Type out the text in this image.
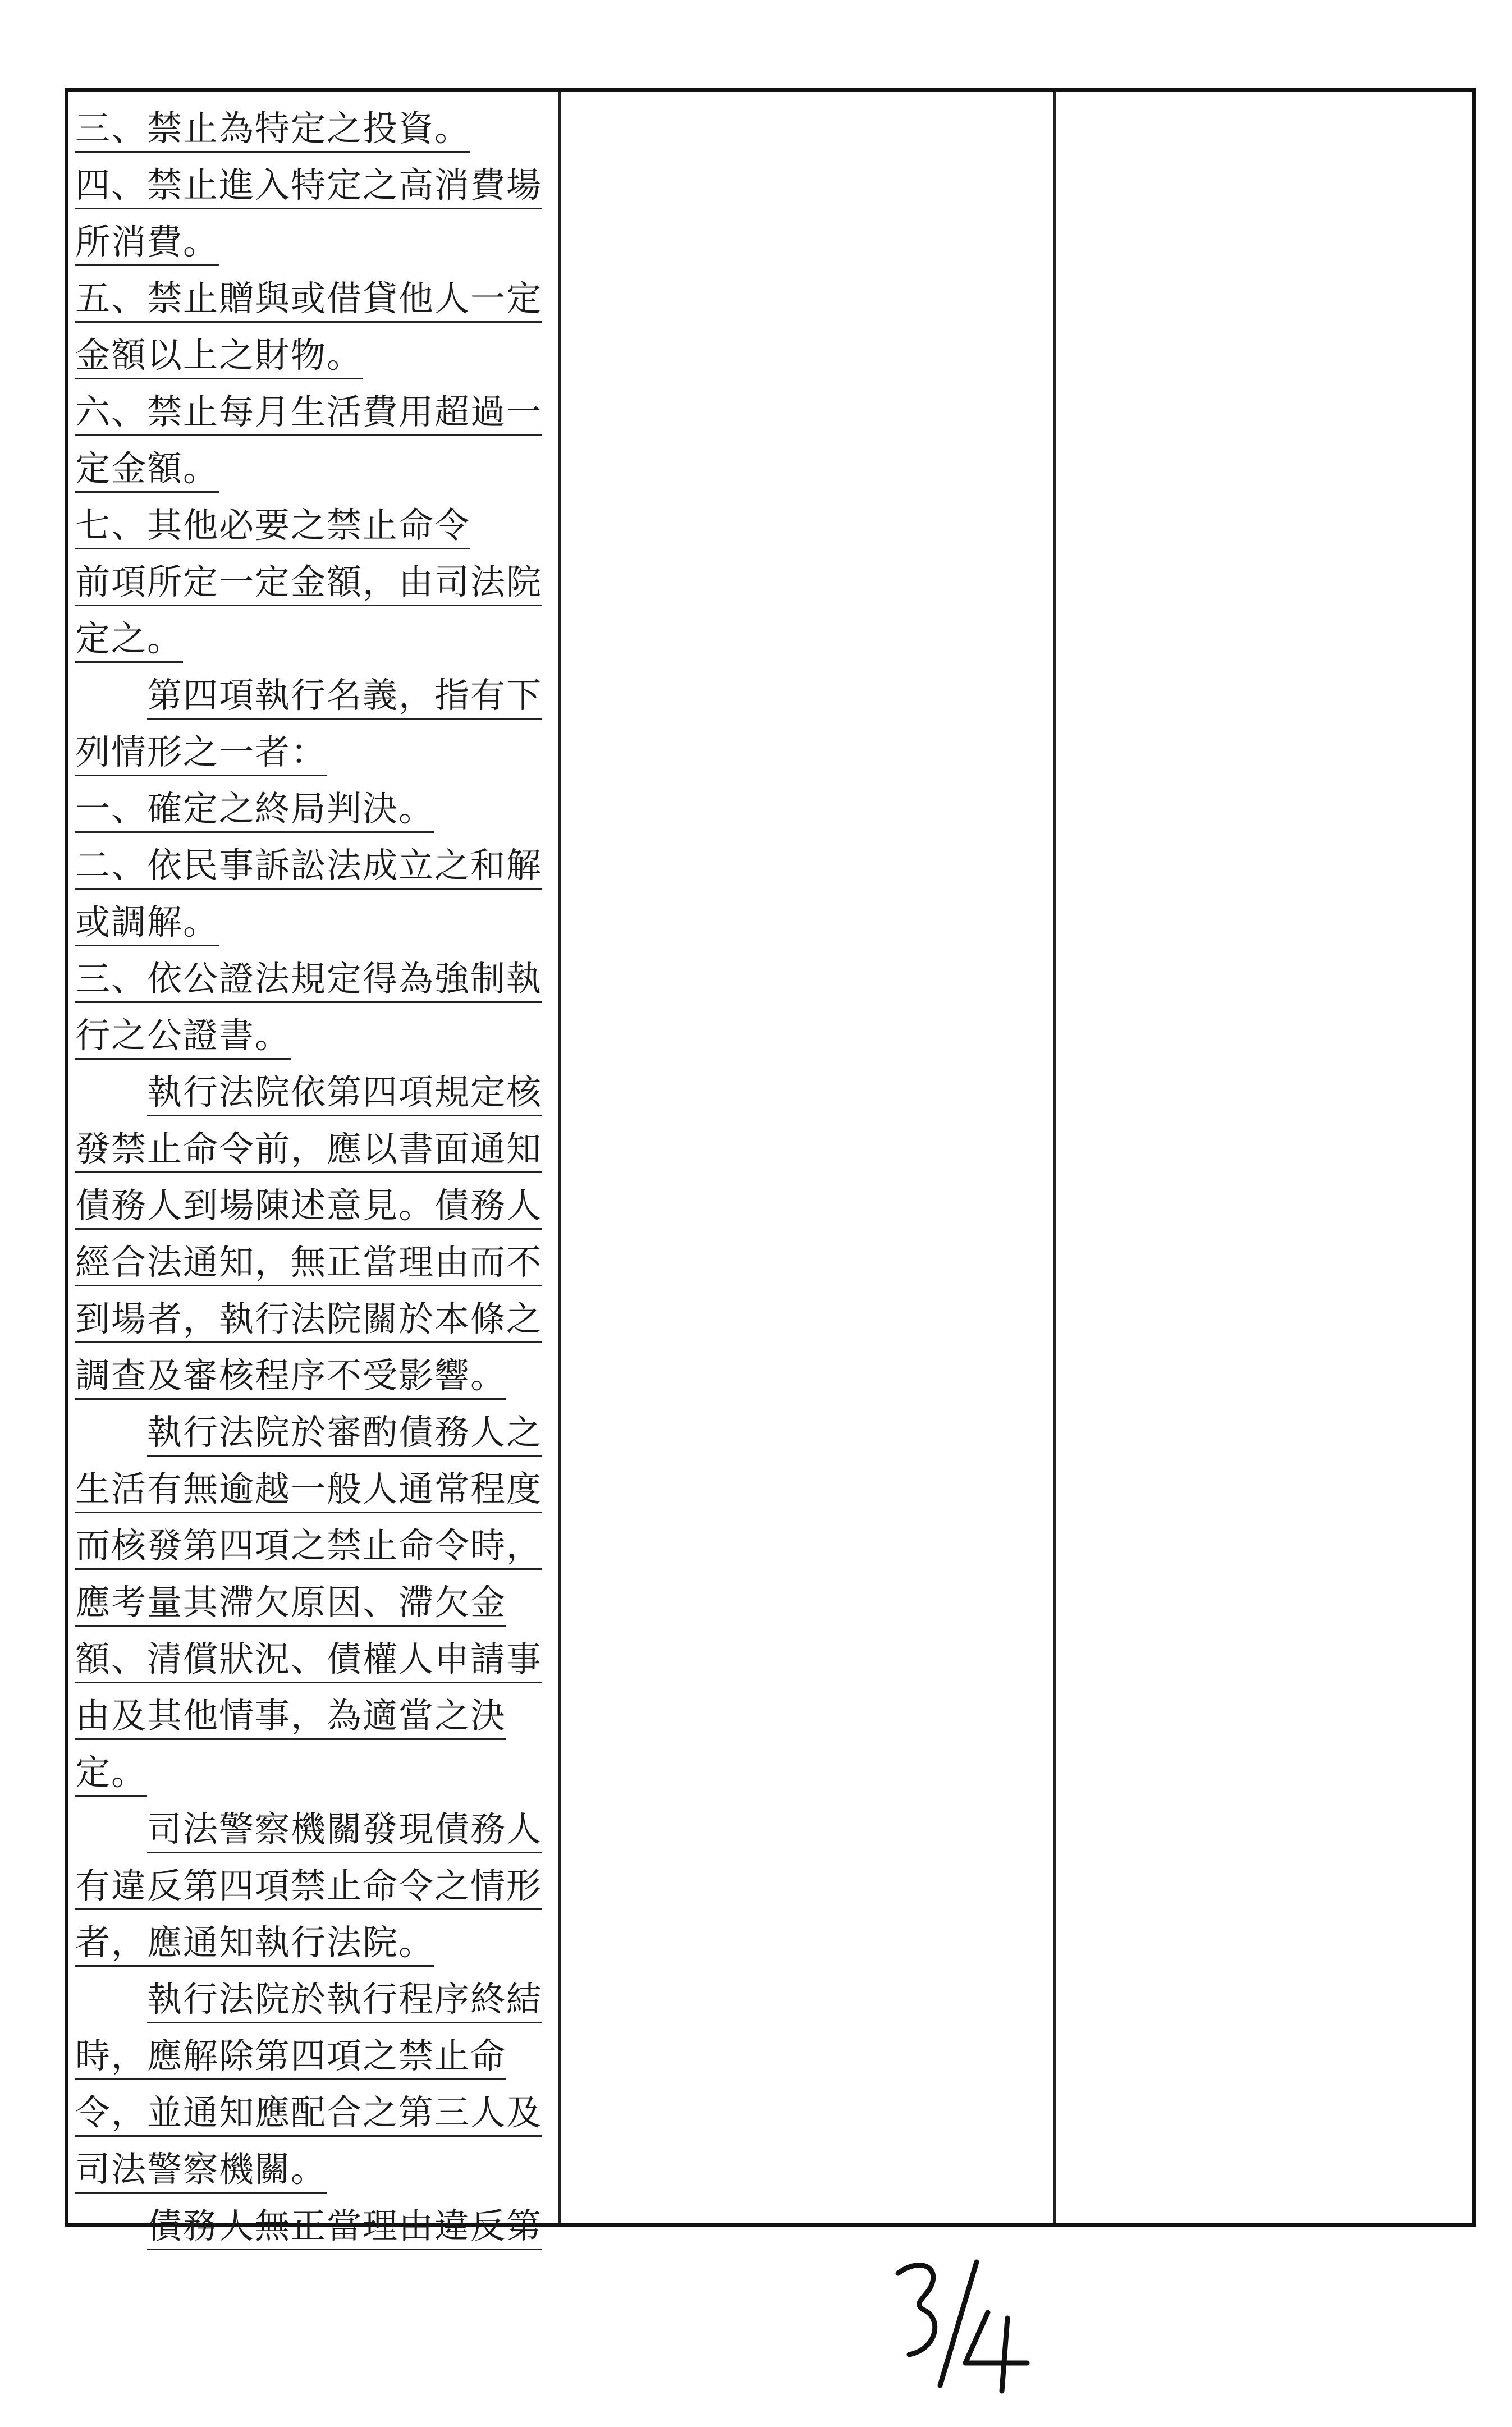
三、禁止為特定之投資。
四、禁止進入特定之高消費場
所消費。
五、禁止贈與或借貸他人一定
金額以上之財物。
六、禁止每月生活費用超過一
定金額。
七、其他必要之禁止命令
前項所定一定金額，由司法院
定之。
第四項執行名義，指有下
列情形之一者：
一、確定之終局判決。
二、依民事訴訟法成立之和解
或調解。
三、依公證法規定得為強制執
行之公證書。
執行法院依第四項規定核
發禁止命令前，應以書面通知
債務人到場陳述意見。債務人
經合法通知，無正當理由而不
到場者，執行法院關於本條之
調查及審核程序不受影響。
執行法院於審酌債務人之
生活有無逾越一般人通常程度
而核發第四項之禁止命令時，
應考量其滯欠原因、滯欠金
額、清償狀況、債權人申請事
由及其他情事，為適當之決
定。
司法警察機關發現債務人
有違反第四項禁止命令之情形
者，應通知執行法院。
執行法院於執行程序終結
時，應解除第四項之禁止命
令，並通知應配合之第三人及
司法警察機關。
債務人無正當理由違反第
